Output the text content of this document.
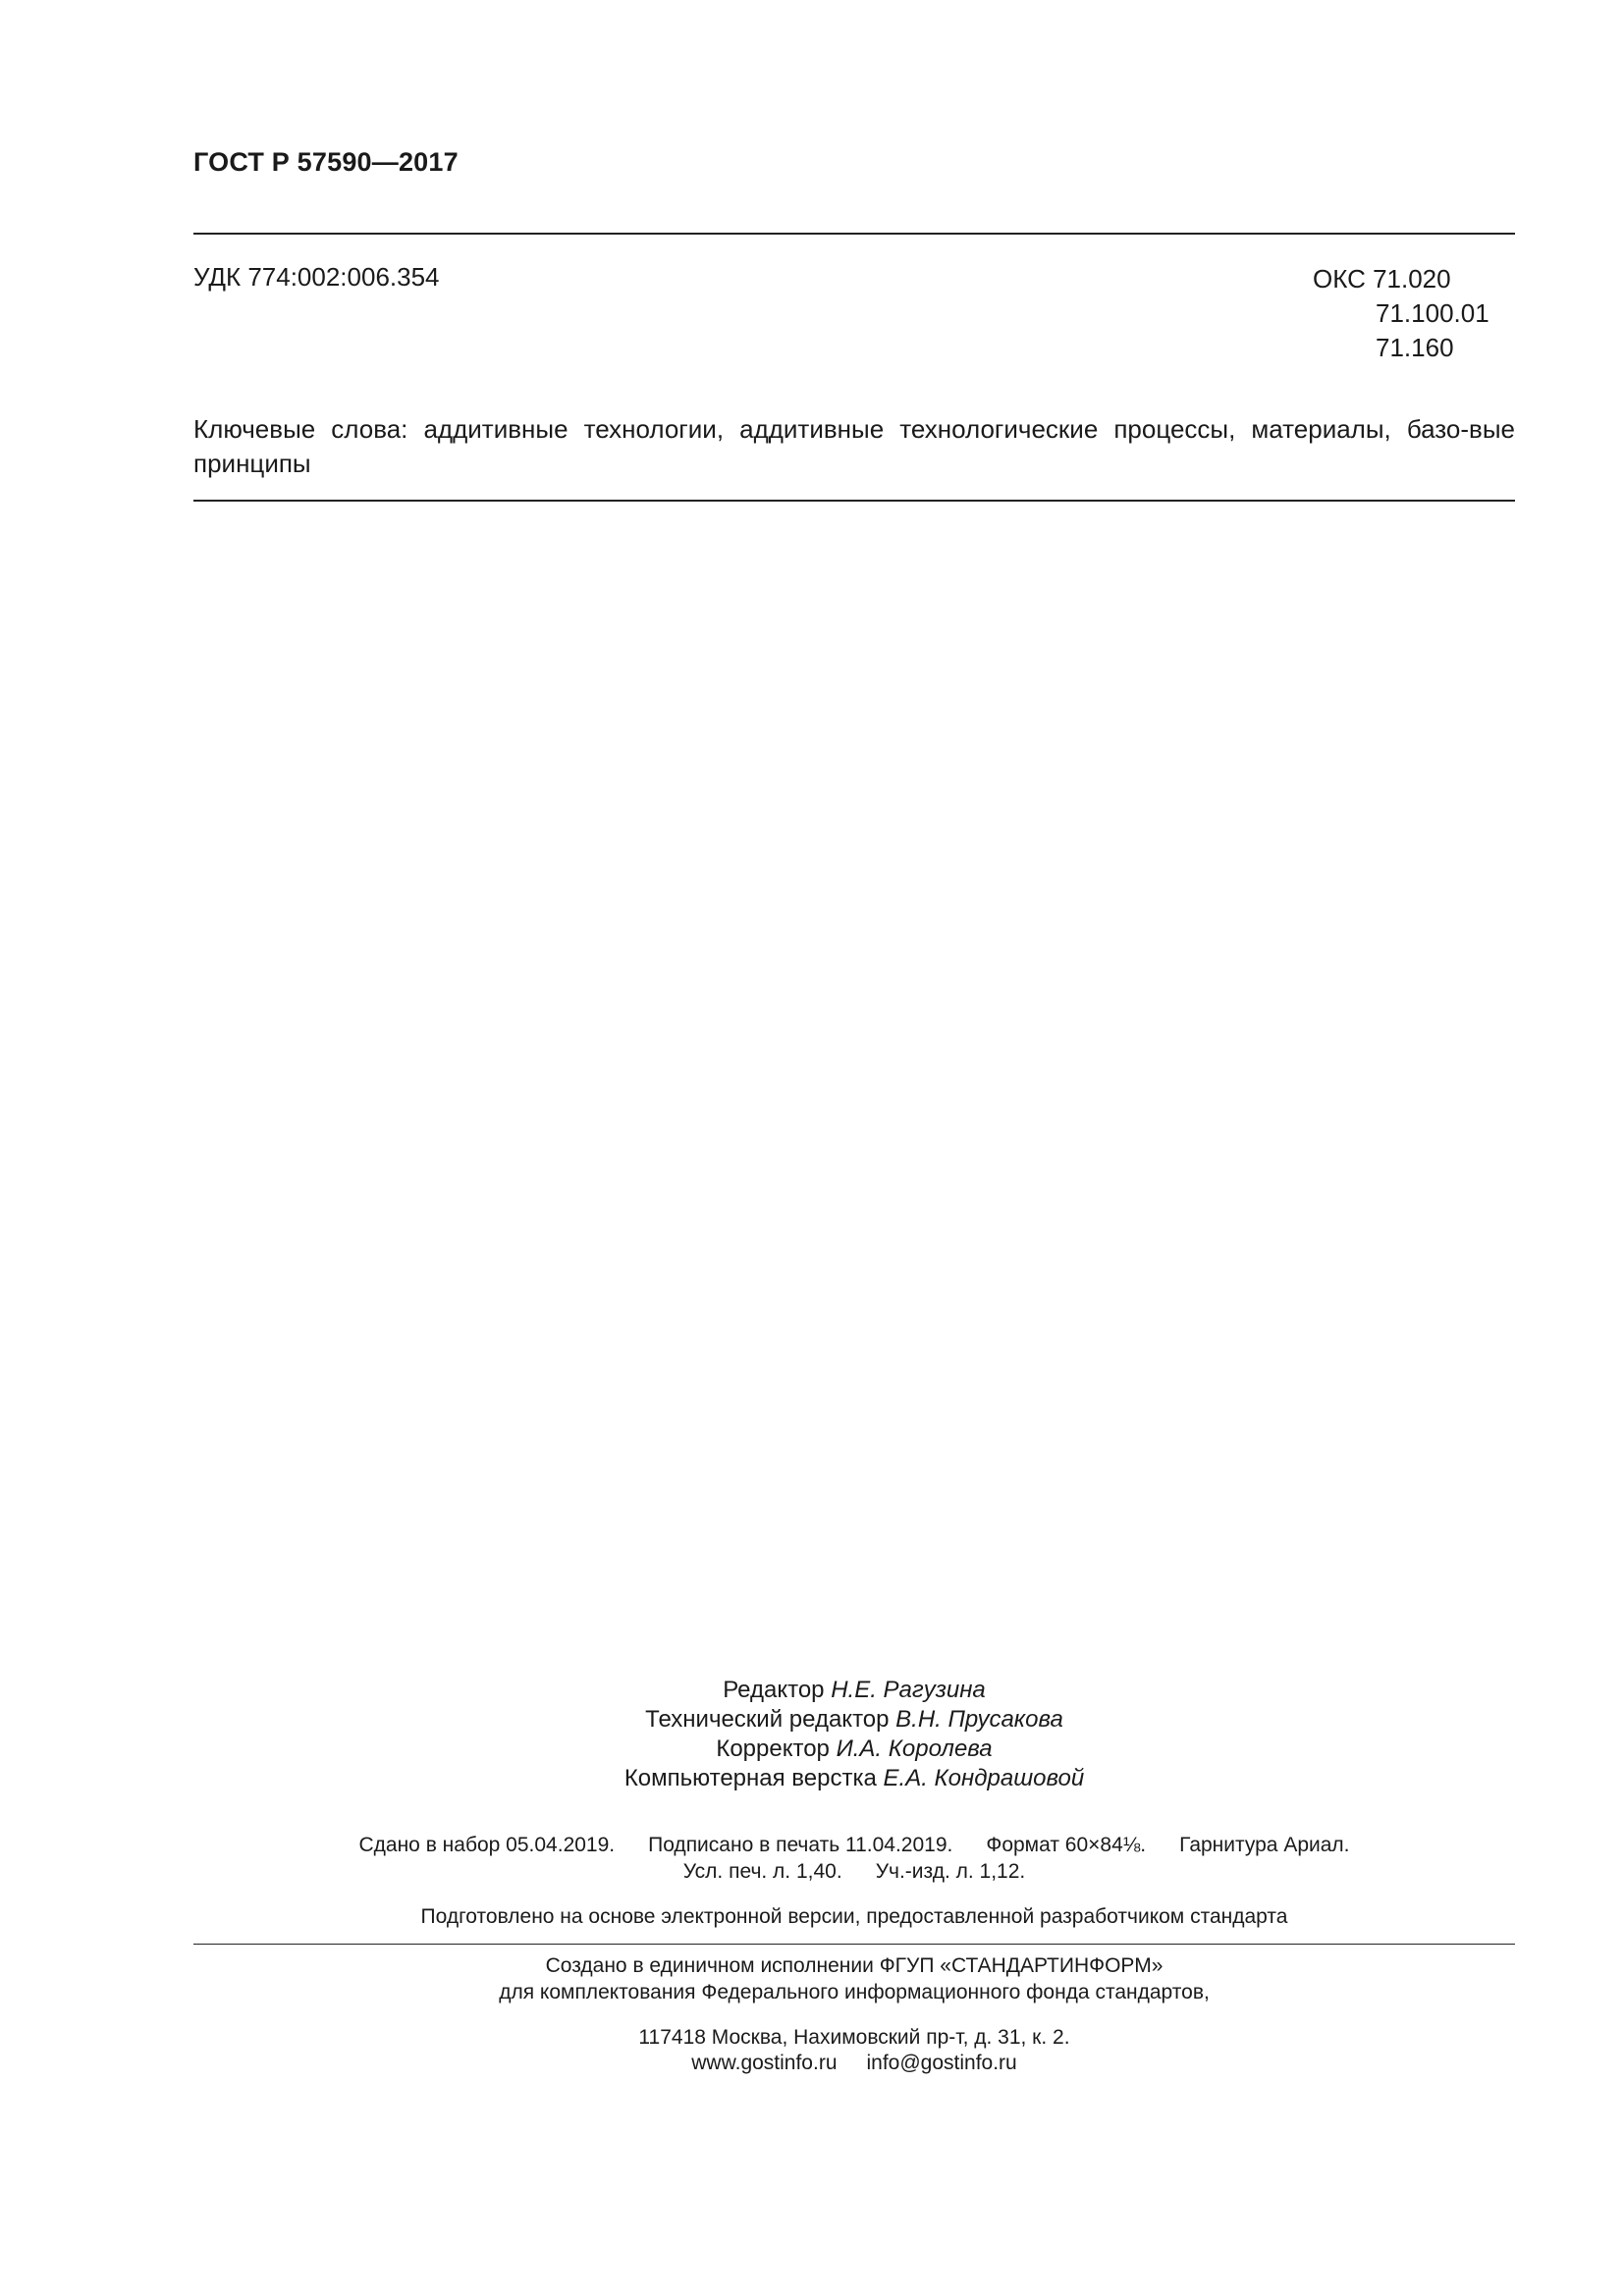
ГОСТ Р 57590—2017
УДК 774:002:006.354	ОКС 71.020
71.100.01
71.160
Ключевые слова: аддитивные технологии, аддитивные технологические процессы, материалы, базо-вые принципы
Редактор Н.Е. Рагузина
Технический редактор В.Н. Прусакова
Корректор И.А. Королева
Компьютерная верстка Е.А. Кондрашовой
Сдано в набор 05.04.2019. Подписано в печать 11.04.2019. Формат 60×84⅛. Гарнитура Ариал.
Усл. печ. л. 1,40. Уч.-изд. л. 1,12.
Подготовлено на основе электронной версии, предоставленной разработчиком стандарта
Создано в единичном исполнении ФГУП «СТАНДАРТИНФОРМ»
для комплектования Федерального информационного фонда стандартов,
117418 Москва, Нахимовский пр-т, д. 31, к. 2.
www.gostinfo.ru info@gostinfo.ru
